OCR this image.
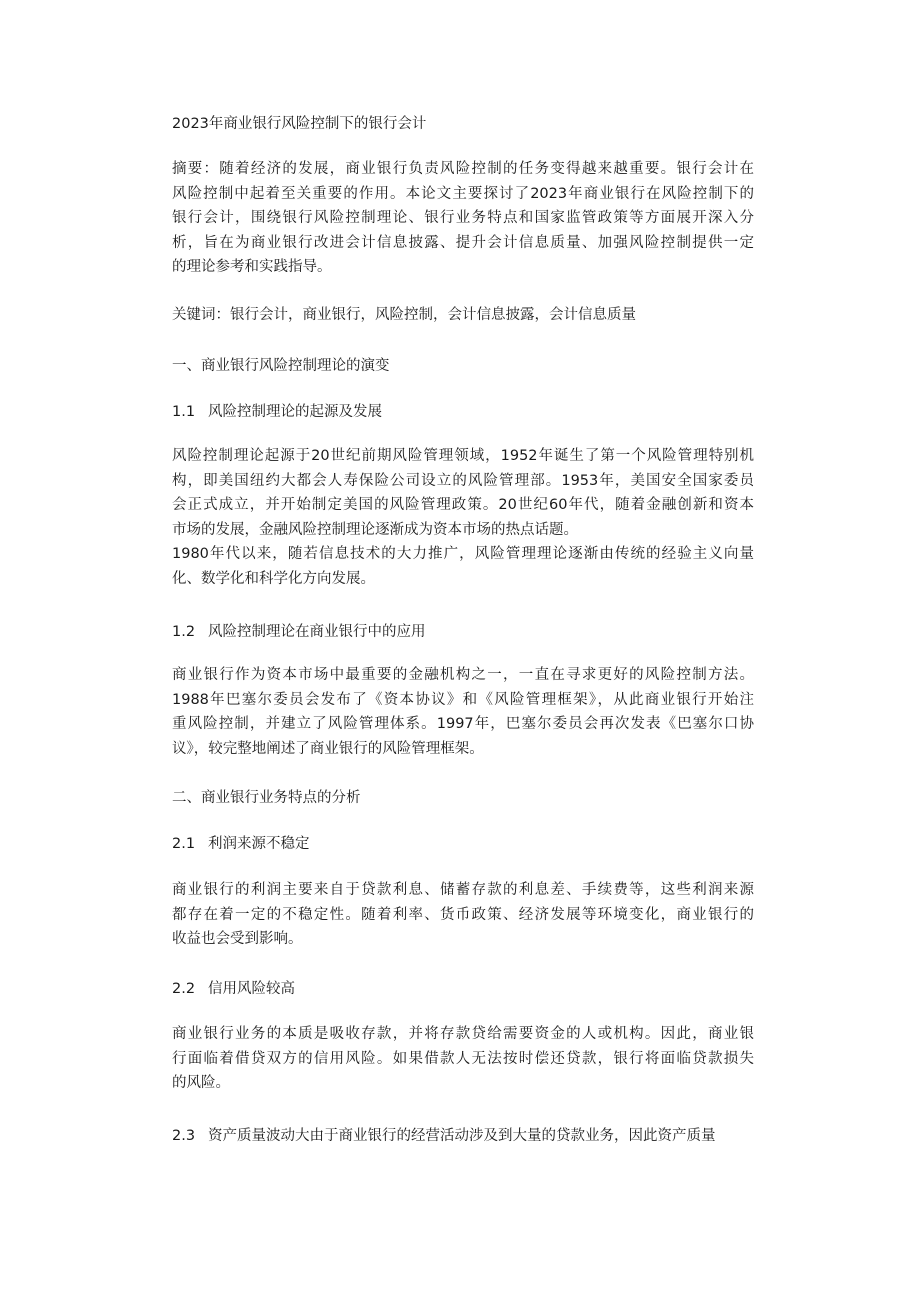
2023年商业银行风险控制下的银行会计
摘要：随着经济的发展，商业银行负责风险控制的任务变得越来越重要。银行会计在
风险控制中起着至关重要的作用。本论文主要探讨了2023年商业银行在风险控制下的
银行会计，围绕银行风险控制理论、银行业务特点和国家监管政策等方面展开深入分
析，旨在为商业银行改进会计信息披露、提升会计信息质量、加强风险控制提供一定
的理论参考和实践指导。
关键词：银行会计，商业银行，风险控制，会计信息披露，会计信息质量
一、商业银行风险控制理论的演变
1.1 风险控制理论的起源及发展
风险控制理论起源于20世纪前期风险管理领域，1952年诞生了第一个风险管理特别机
构，即美国纽约大都会人寿保险公司设立的风险管理部。1953年，美国安全国家委员
会正式成立，并开始制定美国的风险管理政策。20世纪60年代，随着金融创新和资本
市场的发展，金融风险控制理论逐渐成为资本市场的热点话题。
1980年代以来，随若信息技术的大力推广，风险管理理论逐渐由传统的经验主义向量
化、数学化和科学化方向发展。
1.2 风险控制理论在商业银行中的应用
商业银行作为资本市场中最重要的金融机构之一，一直在寻求更好的风险控制方法。
1988年巴塞尔委员会发布了《资本协议》和《风险管理框架》，从此商业银行开始注
重风险控制，并建立了风险管理体系。1997年，巴塞尔委员会再次发表《巴塞尔口协
议》，较完整地阐述了商业银行的风险管理框架。
二、商业银行业务特点的分析
2.1 利润来源不稳定
商业银行的利润主要来自于贷款利息、储蓄存款的利息差、手续费等，这些利润来源
都存在着一定的不稳定性。随着利率、货币政策、经济发展等环境变化，商业银行的
收益也会受到影响。
2.2 信用风险较高
商业银行业务的本质是吸收存款，并将存款贷给需要资金的人或机构。因此，商业银
行面临着借贷双方的信用风险。如果借款人无法按时偿还贷款，银行将面临贷款损失
的风险。
2.3 资产质量波动大由于商业银行的经营活动涉及到大量的贷款业务，因此资产质量
